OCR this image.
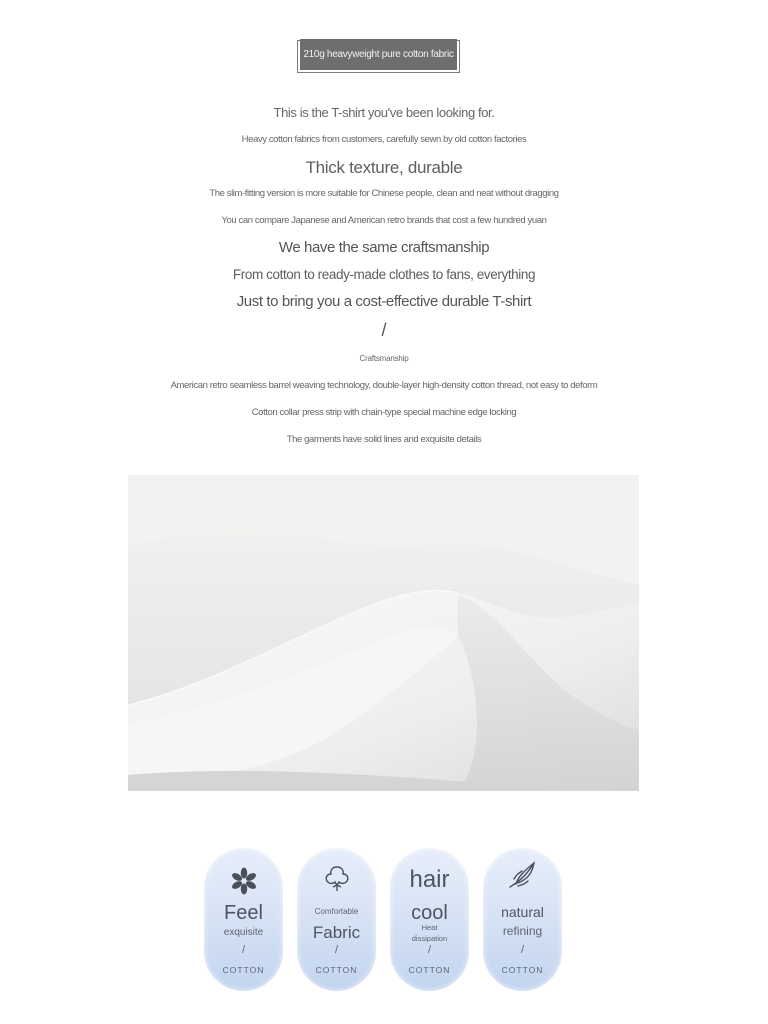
210g heavyweight pure cotton fabric
This is the T-shirt you've been looking for.
Heavy cotton fabrics from customers, carefully sewn by old cotton factories
Thick texture, durable
The slim-fitting version is more suitable for Chinese people, clean and neat without dragging
You can compare Japanese and American retro brands that cost a few hundred yuan
We have the same craftsmanship
From cotton to ready-made clothes to fans, everything
Just to bring you a cost-effective durable T-shirt
/
Craftsmanship
American retro seamless barrel weaving technology, double-layer high-density cotton thread, not easy to deform
Cotton collar press strip with chain-type special machine edge locking
The garments have solid lines and exquisite details
Feel
exquisite
/
COTTON
Comfortable
Fabric
/
COTTON
hair
cool
Heat dissipation
/
COTTON
natural
refining
/
COTTON
